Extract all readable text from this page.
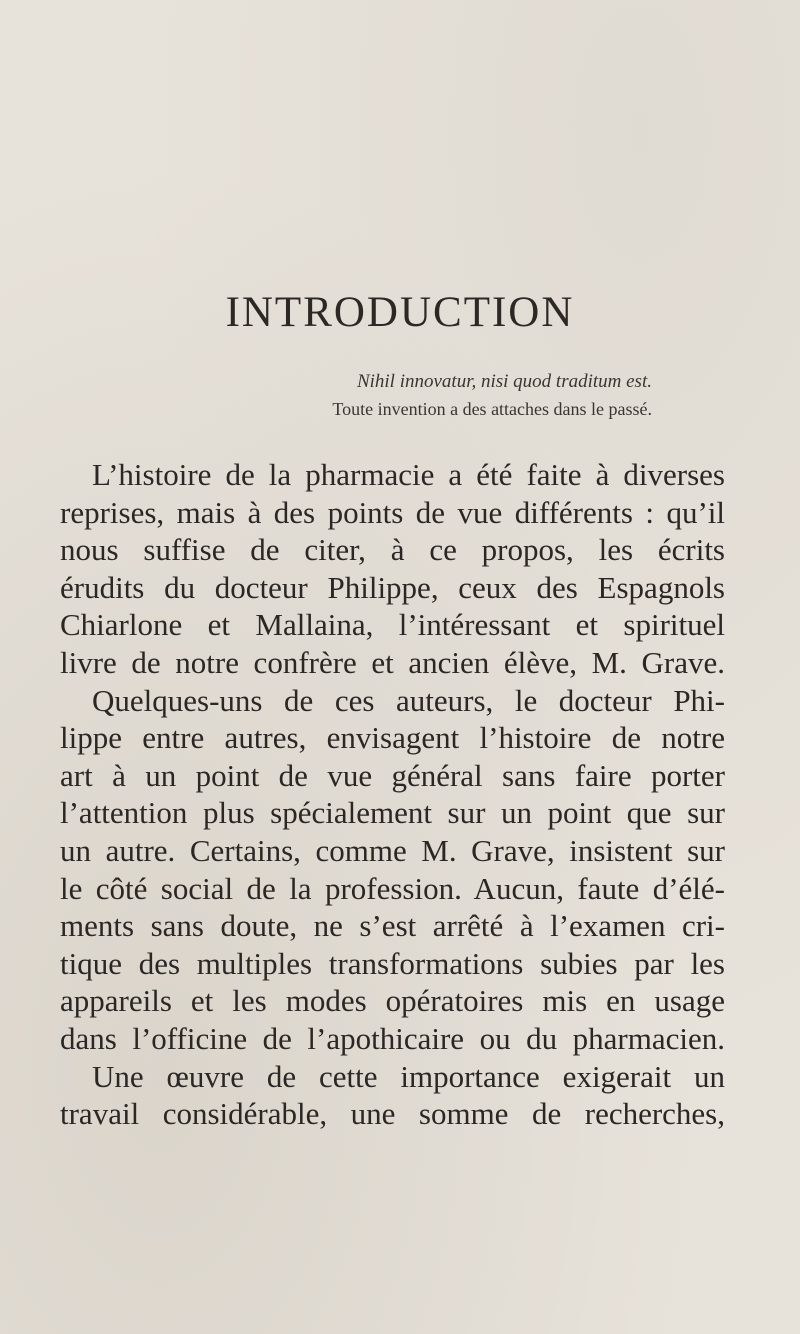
INTRODUCTION
Nihil innovatur, nisi quod traditum est.
Toute invention a des attaches dans le passé.
L’histoire de la pharmacie a été faite à diverses
reprises, mais à des points de vue différents : qu’il
nous suffise de citer, à ce propos, les écrits
érudits du docteur Philippe, ceux des Espagnols
Chiarlone et Mallaina, l’intéressant et spirituel
livre de notre confrère et ancien élève, M. Grave.
Quelques-uns de ces auteurs, le docteur Phi-
lippe entre autres, envisagent l’histoire de notre
art à un point de vue général sans faire porter
l’attention plus spécialement sur un point que sur
un autre. Certains, comme M. Grave, insistent sur
le côté social de la profession. Aucun, faute d’élé-
ments sans doute, ne s’est arrêté à l’examen cri-
tique des multiples transformations subies par les
appareils et les modes opératoires mis en usage
dans l’officine de l’apothicaire ou du pharmacien.
Une œuvre de cette importance exigerait un
travail considérable, une somme de recherches,
